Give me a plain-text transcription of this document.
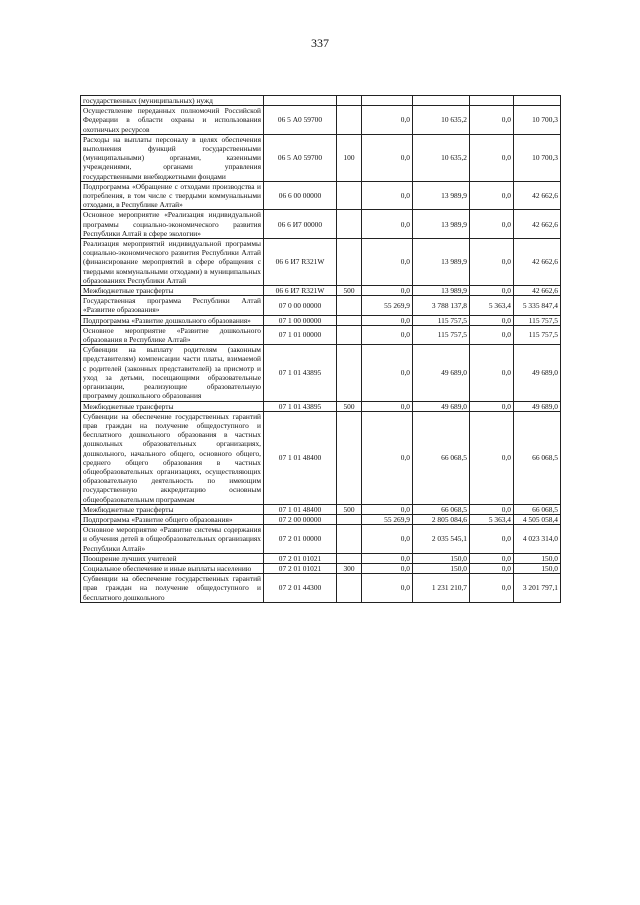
337
государственных (муниципальных) нужд						
Осуществление переданных полномочий Российской Федерации в области охраны и использования охотничьих ресурсов	06 5 А0 59700		0,0	10 635,2	0,0	10 700,3
Расходы на выплаты персоналу в целях обеспечения выполнения функций государственными (муниципальными) органами, казенными учреждениями, органами управления государственными внебюджетными фондами	06 5 А0 59700	100	0,0	10 635,2	0,0	10 700,3
Подпрограмма «Обращение с отходами производства и потребления, в том числе с твердыми коммунальными отходами, в Республике Алтай»	06 6 00 00000		0,0	13 989,9	0,0	42 662,6
Основное мероприятие «Реализация индивидуальной программы социально-экономического развития Республики Алтай в сфере экологии»	06 6 И7 00000		0,0	13 989,9	0,0	42 662,6
Реализация мероприятий индивидуальной программы социально-экономического развития Республики Алтай (финансирование мероприятий в сфере обращения с твердыми коммунальными отходами) в муниципальных образованиях Республики Алтай	06 6 И7 R321W		0,0	13 989,9	0,0	42 662,6
Межбюджетные трансферты	06 6 И7 R321W	500	0,0	13 989,9	0,0	42 662,6
Государственная программа Республики Алтай «Развитие образования»	07 0 00 00000		55 269,9	3 788 137,8	5 363,4	5 335 847,4
Подпрограмма «Развитие дошкольного образования»	07 1 00 00000		0,0	115 757,5	0,0	115 757,5
Основное мероприятие «Развитие дошкольного образования в Республике Алтай»	07 1 01 00000		0,0	115 757,5	0,0	115 757,5
Субвенции на выплату родителям (законным представителям) компенсации части платы, взимаемой с родителей (законных представителей) за присмотр и уход за детьми, посещающими образовательные организации, реализующие образовательную программу дошкольного образования	07 1 01 43895		0,0	49 689,0	0,0	49 689,0
Межбюджетные трансферты	07 1 01 43895	500	0,0	49 689,0	0,0	49 689,0
Субвенции на обеспечение государственных гарантий прав граждан на получение общедоступного и бесплатного дошкольного образования в частных дошкольных образовательных организациях, дошкольного, начального общего, основного общего, среднего общего образования в частных общеобразовательных организациях, осуществляющих образовательную деятельность по имеющим государственную аккредитацию основным общеобразовательным программам	07 1 01 48400		0,0	66 068,5	0,0	66 068,5
Межбюджетные трансферты	07 1 01 48400	500	0,0	66 068,5	0,0	66 068,5
Подпрограмма «Развитие общего образования»	07 2 00 00000		55 269,9	2 805 084,6	5 363,4	4 505 058,4
Основное мероприятие «Развитие системы содержания и обучения детей в общеобразовательных организациях Республики Алтай»	07 2 01 00000		0,0	2 035 545,1	0,0	4 023 314,0
Поощрение лучших учителей	07 2 01 01021		0,0	150,0	0,0	150,0
Социальное обеспечение и иные выплаты населению	07 2 01 01021	300	0,0	150,0	0,0	150,0
Субвенции на обеспечение государственных гарантий прав граждан на получение общедоступного и бесплатного дошкольного	07 2 01 44300		0,0	1 231 210,7	0,0	3 201 797,1
